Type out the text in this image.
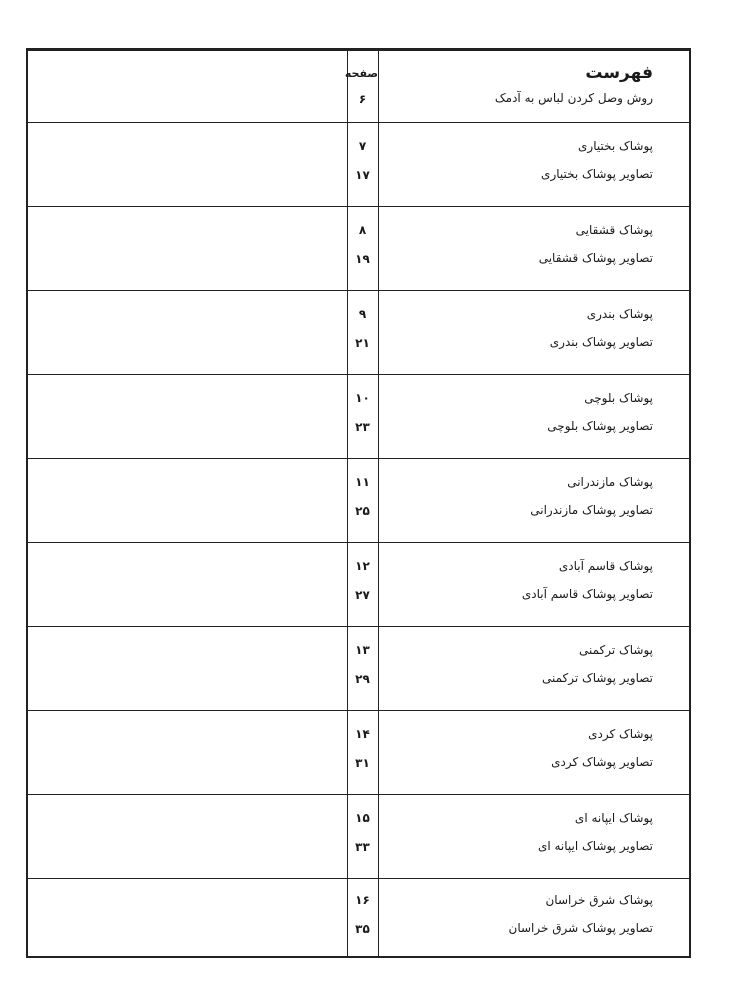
فهرست
صفحه
روش وصل کردن لباس به آدمک
۶
پوشاک بختیاری
۷
تصاویر پوشاک بختیاری
۱۷
پوشاک قشقایی
۸
تصاویر پوشاک قشقایی
۱۹
پوشاک بندری
۹
تصاویر پوشاک بندری
۲۱
پوشاک بلوچی
۱۰
تصاویر پوشاک بلوچی
۲۳
پوشاک مازندرانی
۱۱
تصاویر پوشاک مازندرانی
۲۵
پوشاک قاسم آبادی
۱۲
تصاویر پوشاک قاسم آبادی
۲۷
پوشاک ترکمنی
۱۳
تصاویر پوشاک ترکمنی
۲۹
پوشاک کردی
۱۴
تصاویر پوشاک کردی
۳۱
پوشاک ایپانه ای
۱۵
تصاویر پوشاک ایپانه ای
۳۳
پوشاک شرق خراسان
۱۶
تصاویر پوشاک شرق خراسان
۳۵
